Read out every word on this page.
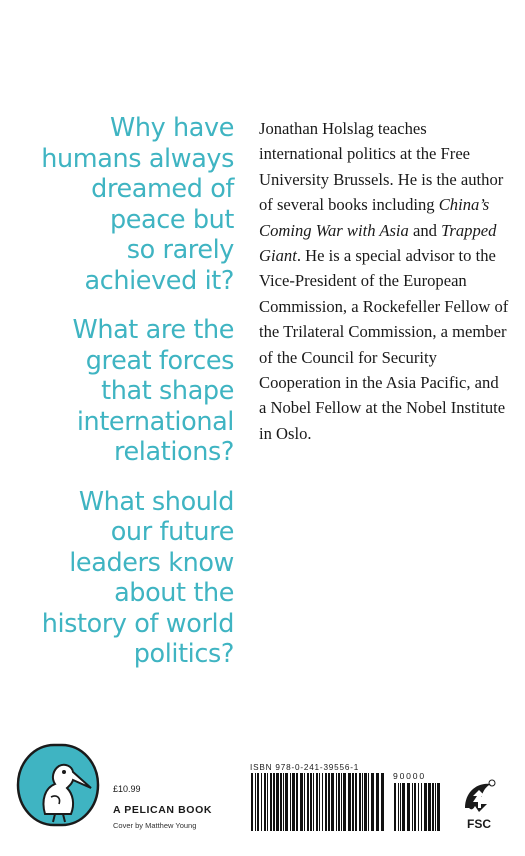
Why have
humans always
dreamed of
peace but
so rarely
achieved it?

What are the
great forces
that shape
international
relations?

What should
our future
leaders know
about the
history of world
politics?

Jonathan Holslag teaches international politics at the Free University Brussels. He is the author of several books including China’s Coming War with Asia and Trapped Giant. He is a special advisor to the Vice-President of the European Commission, a Rockefeller Fellow of the Trilateral Commission, a member of the Council for Security Cooperation in the Asia Pacific, and a Nobel Fellow at the Nobel Institute in Oslo.

£10.99
A PELICAN BOOK
Cover by Matthew Young
ISBN 978-0-241-39556-1
90000
FSC
